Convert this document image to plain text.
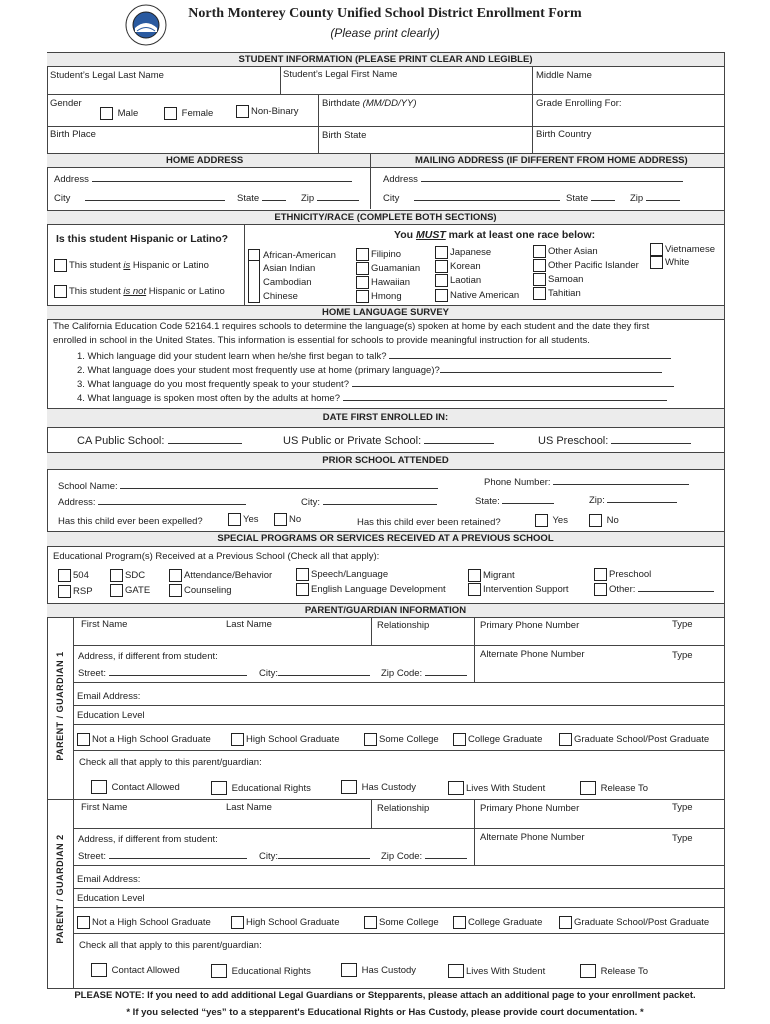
North Monterey County Unified School District Enrollment Form
(Please print clearly)
STUDENT INFORMATION (PLEASE PRINT CLEAR AND LEGIBLE)
Student’s Legal Last Name	Student’s Legal First Name	Middle Name
Gender
Male	Female	Non-Binary
Birthdate (MM/DD/YY)	Grade Enrolling For:
Birth Place	Birth State	Birth Country

HOME ADDRESS	MAILING ADDRESS (IF DIFFERENT FROM HOME ADDRESS)
Address
City	State	Zip
Address
City	State	Zip
ETHNICITY/RACE (COMPLETE BOTH SECTIONS)
Is this student Hispanic or Latino?
This student is Hispanic or Latino
This student is not Hispanic or Latino
You MUST mark at least one race below:
African-American
Asian Indian
Cambodian
Chinese
Filipino
Guamanian
Hawaiian
Hmong
Japanese
Korean
Laotian
Native American
Other Asian
Other Pacific Islander
Samoan
Tahitian
Vietnamese
White
HOME LANGUAGE SURVEY
The California Education Code 52164.1 requires schools to determine the language(s) spoken at home by each student and the date they first
enrolled in school in the United States. This information is essential for schools to provide meaningful instruction for all students.
1. Which language did your student learn when he/she first began to talk?
2. What language does your student most frequently use at home (primary language)?
3. What language do you most frequently speak to your student?
4. What language is spoken most often by the adults at home?
DATE FIRST ENROLLED IN:
CA Public School:	US Public or Private School:	US Preschool:
PRIOR SCHOOL ATTENDED
School Name:	Phone Number:
Address:	City:	State:	Zip:
Has this child ever been expelled?	Yes	No	Has this child ever been retained?	Yes	No
SPECIAL PROGRAMS OR SERVICES RECEIVED AT A PREVIOUS SCHOOL
Educational Program(s) Received at a Previous School (Check all that apply):
504
RSP
SDC
GATE
Attendance/Behavior
Counseling
Speech/Language
English Language Development
Migrant
Intervention Support
Preschool
Other:
PARENT/GUARDIAN INFORMATION
PARENT / GUARDIAN 1
First Name	Last Name	Relationship	Primary Phone Number	Type
Address, if different from student:	Alternate Phone Number	Type
Street:	City:	Zip Code:
Email Address:
Education Level
Not a High School Graduate	High School Graduate	Some College	College Graduate	Graduate School/Post Graduate
Check all that apply to this parent/guardian:
Contact Allowed	Educational Rights	Has Custody	Lives With Student	Release To
PARENT / GUARDIAN 2
First Name	Last Name	Relationship	Primary Phone Number	Type
Address, if different from student:	Alternate Phone Number	Type
Street:	City:	Zip Code:
Email Address:
Education Level
Not a High School Graduate	High School Graduate	Some College	College Graduate	Graduate School/Post Graduate
Check all that apply to this parent/guardian:
Contact Allowed	Educational Rights	Has Custody	Lives With Student	Release To
PLEASE NOTE: If you need to add additional Legal Guardians or Stepparents, please attach an additional page to your enrollment packet.
* If you selected “yes” to a stepparent's Educational Rights or Has Custody, please provide court documentation. *
